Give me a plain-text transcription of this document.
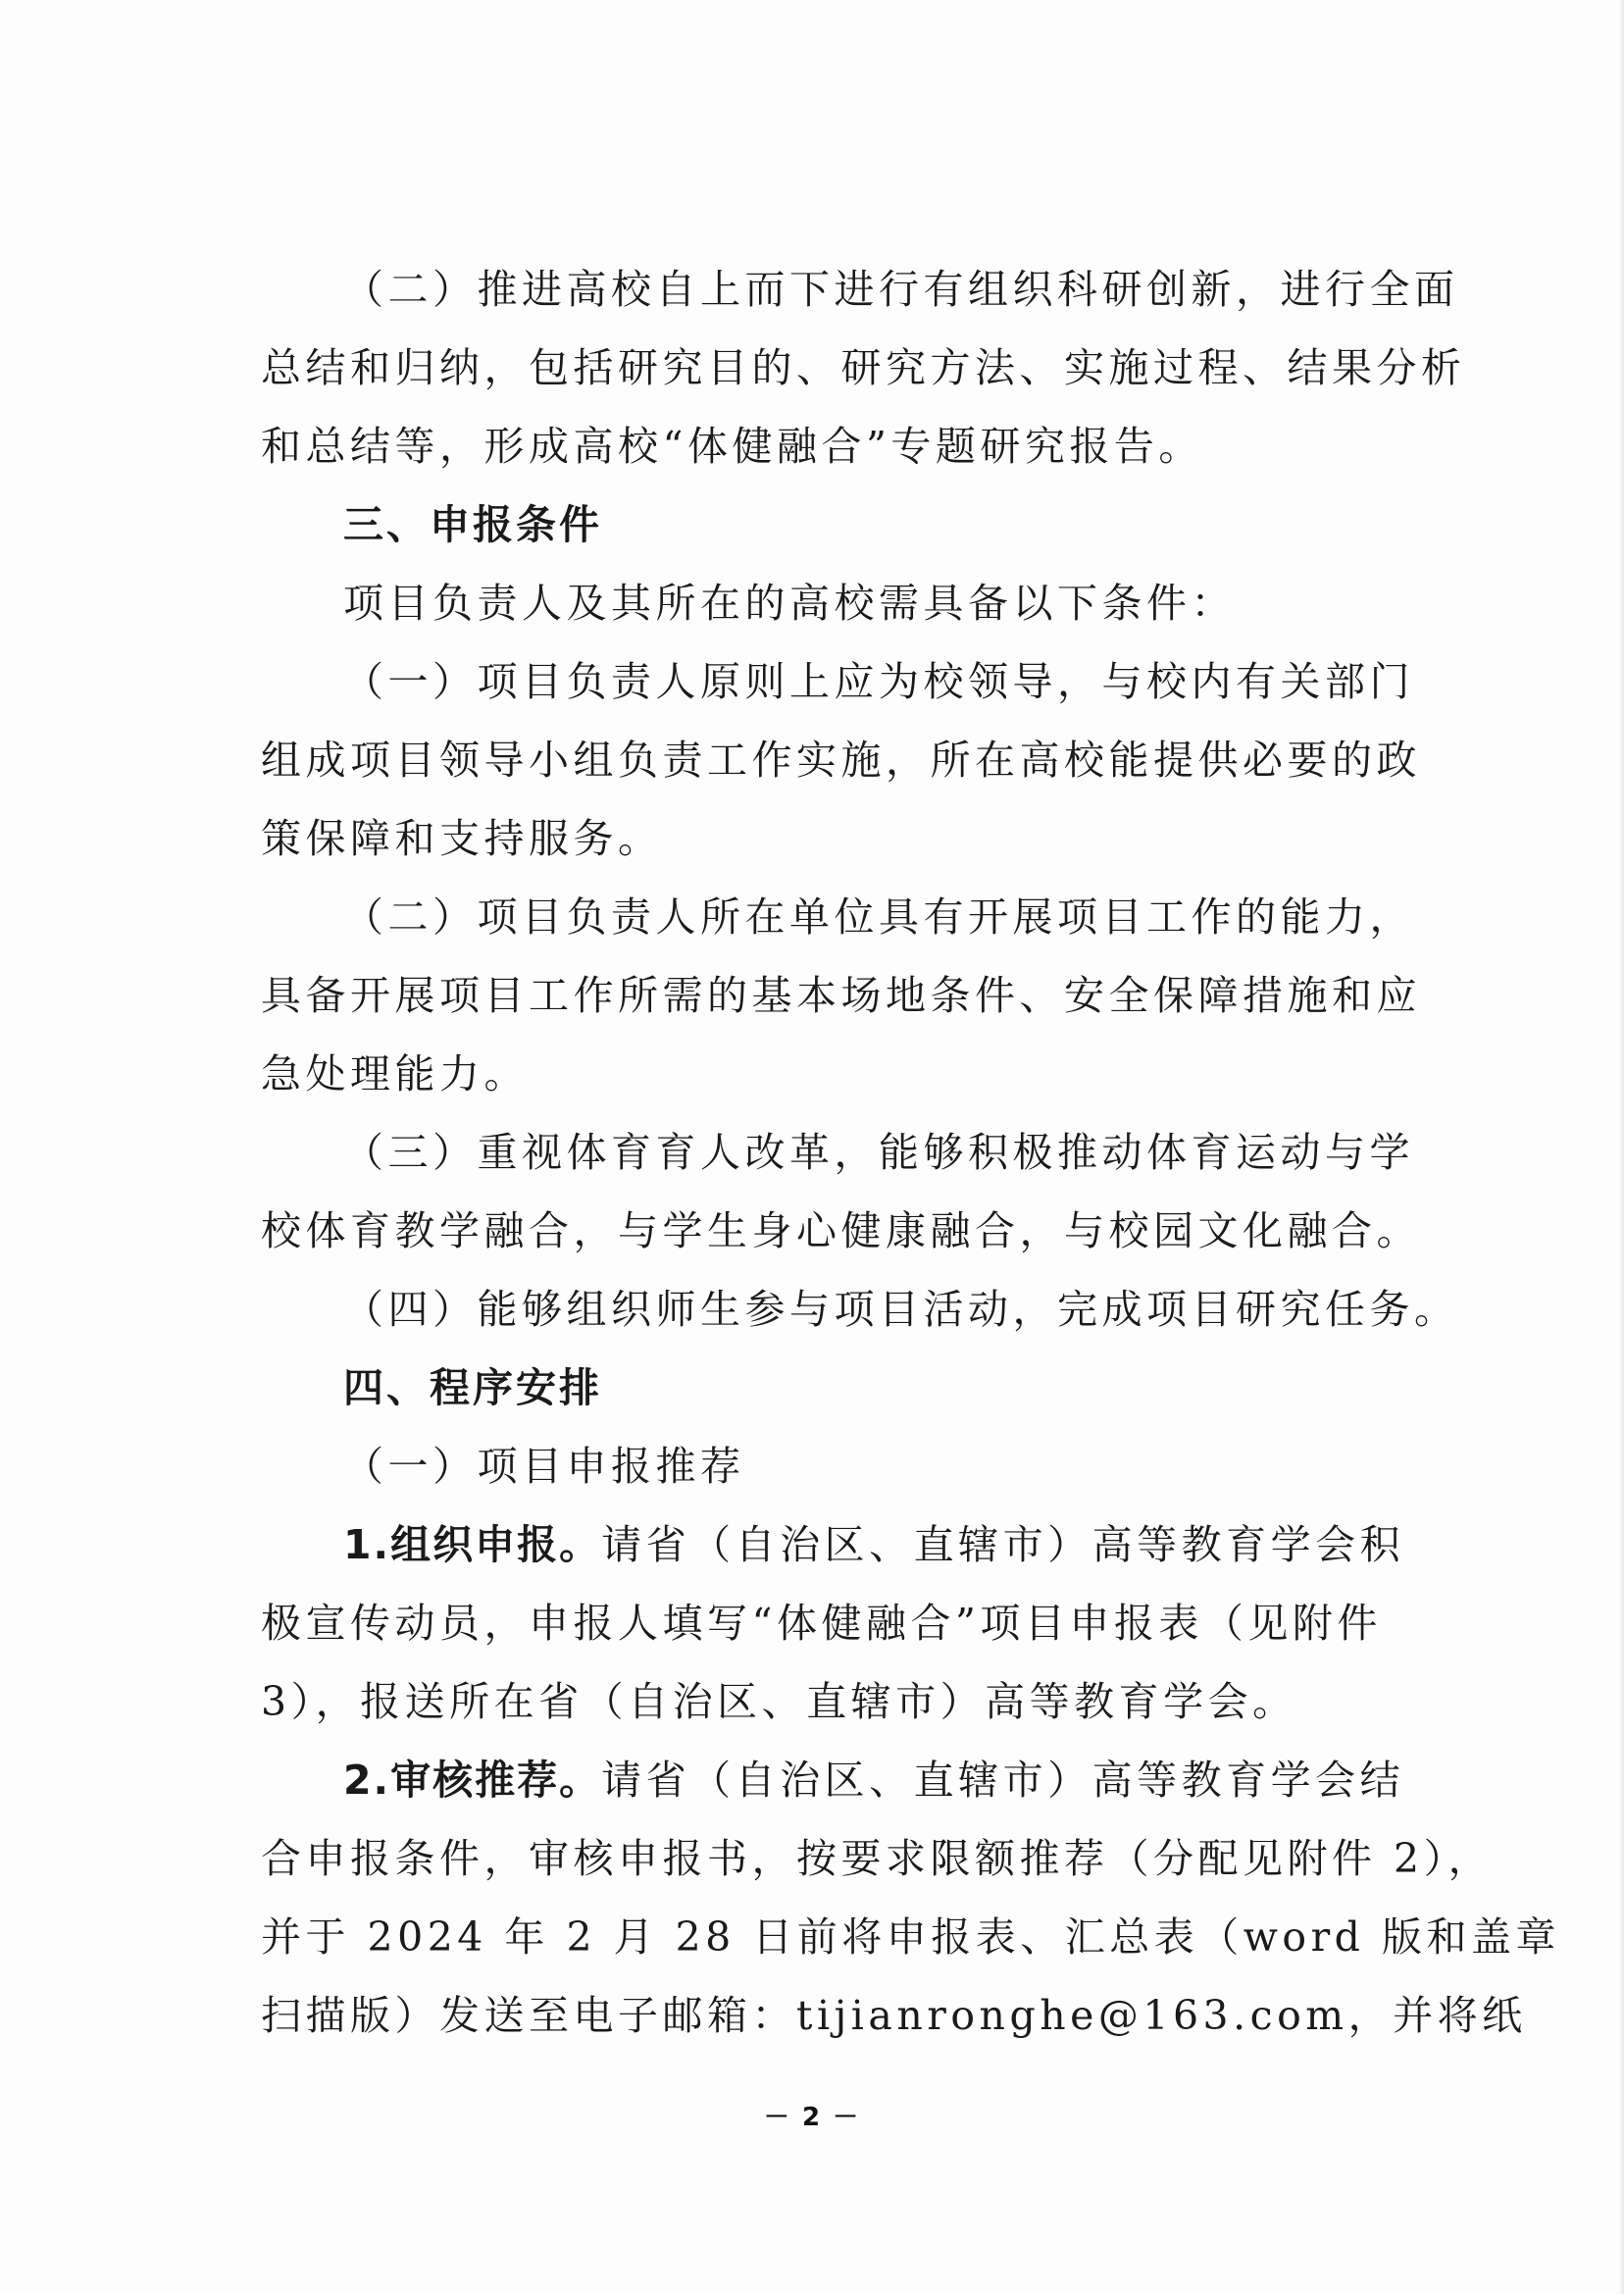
（二）推进高校自上而下进行有组织科研创新，进行全面
总结和归纳，包括研究目的、研究方法、实施过程、结果分析
和总结等，形成高校“体健融合”专题研究报告。
三、申报条件
项目负责人及其所在的高校需具备以下条件：
（一）项目负责人原则上应为校领导，与校内有关部门
组成项目领导小组负责工作实施，所在高校能提供必要的政
策保障和支持服务。
（二）项目负责人所在单位具有开展项目工作的能力，
具备开展项目工作所需的基本场地条件、安全保障措施和应
急处理能力。
（三）重视体育育人改革，能够积极推动体育运动与学
校体育教学融合，与学生身心健康融合，与校园文化融合。
（四）能够组织师生参与项目活动，完成项目研究任务。
四、程序安排
（一）项目申报推荐
1.组织申报。请省（自治区、直辖市）高等教育学会积
极宣传动员，申报人填写“体健融合”项目申报表（见附件
3），报送所在省（自治区、直辖市）高等教育学会。
2.审核推荐。请省（自治区、直辖市）高等教育学会结
合申报条件，审核申报书，按要求限额推荐（分配见附件 2），
并于 2024 年 2 月 28 日前将申报表、汇总表（word 版和盖章
扫描版）发送至电子邮箱：tijianronghe@163.com，并将纸
－ 2 －
